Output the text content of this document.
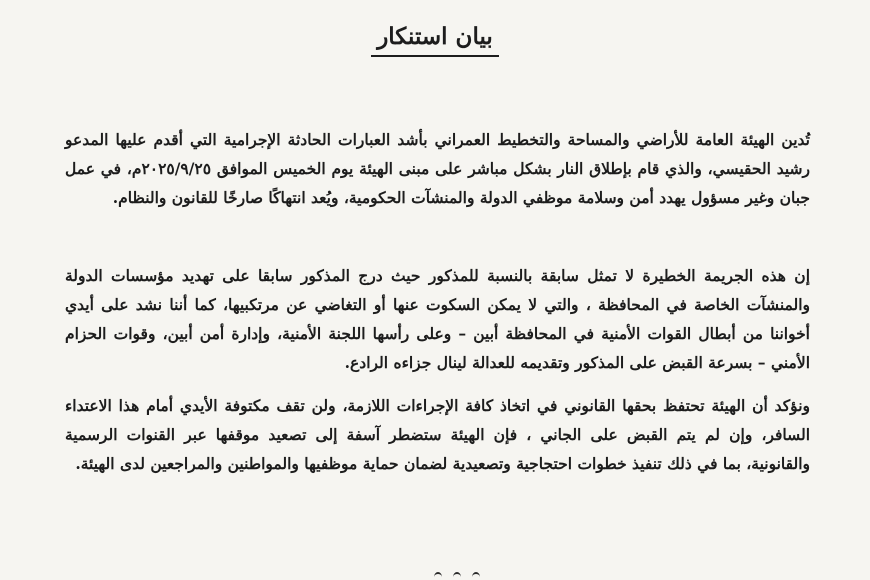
بيان استنكار

تُدين الهيئة العامة للأراضي والمساحة والتخطيط العمراني بأشد العبارات الحادثة الإجرامية التي أقدم عليها المدعو رشيد الحقيسي، والذي قام بإطلاق النار بشكل مباشر على مبنى الهيئة يوم الخميس الموافق ٢٠٢٥/٩/٢٥م، في عمل جبان وغير مسؤول يهدد أمن وسلامة موظفي الدولة والمنشآت الحكومية، ويُعد انتهاكًا صارخًا للقانون والنظام.

إن هذه الجريمة الخطيرة لا تمثل سابقة بالنسبة للمذكور حيث درج المذكور سابقا على تهديد مؤسسات الدولة والمنشآت الخاصة في المحافظة ، والتي لا يمكن السكوت عنها أو التغاضي عن مرتكبيها، كما أننا نشد على أيدي أخواننا من أبطال القوات الأمنية في المحافظة أبين – وعلى رأسها اللجنة الأمنية، وإدارة أمن أبين، وقوات الحزام الأمني – بسرعة القبض على المذكور وتقديمه للعدالة لينال جزاءه الرادع.

ونؤكد أن الهيئة تحتفظ بحقها القانوني في اتخاذ كافة الإجراءات اللازمة، ولن تقف مكتوفة الأيدي أمام هذا الاعتداء السافر، وإن لم يتم القبض على الجاني ، فإن الهيئة ستضطر آسفة إلى تصعيد موقفها عبر القنوات الرسمية والقانونية، بما في ذلك تنفيذ خطوات احتجاجية وتصعيدية لضمان حماية موظفيها والمواطنين والمراجعين لدى الهيئة.
